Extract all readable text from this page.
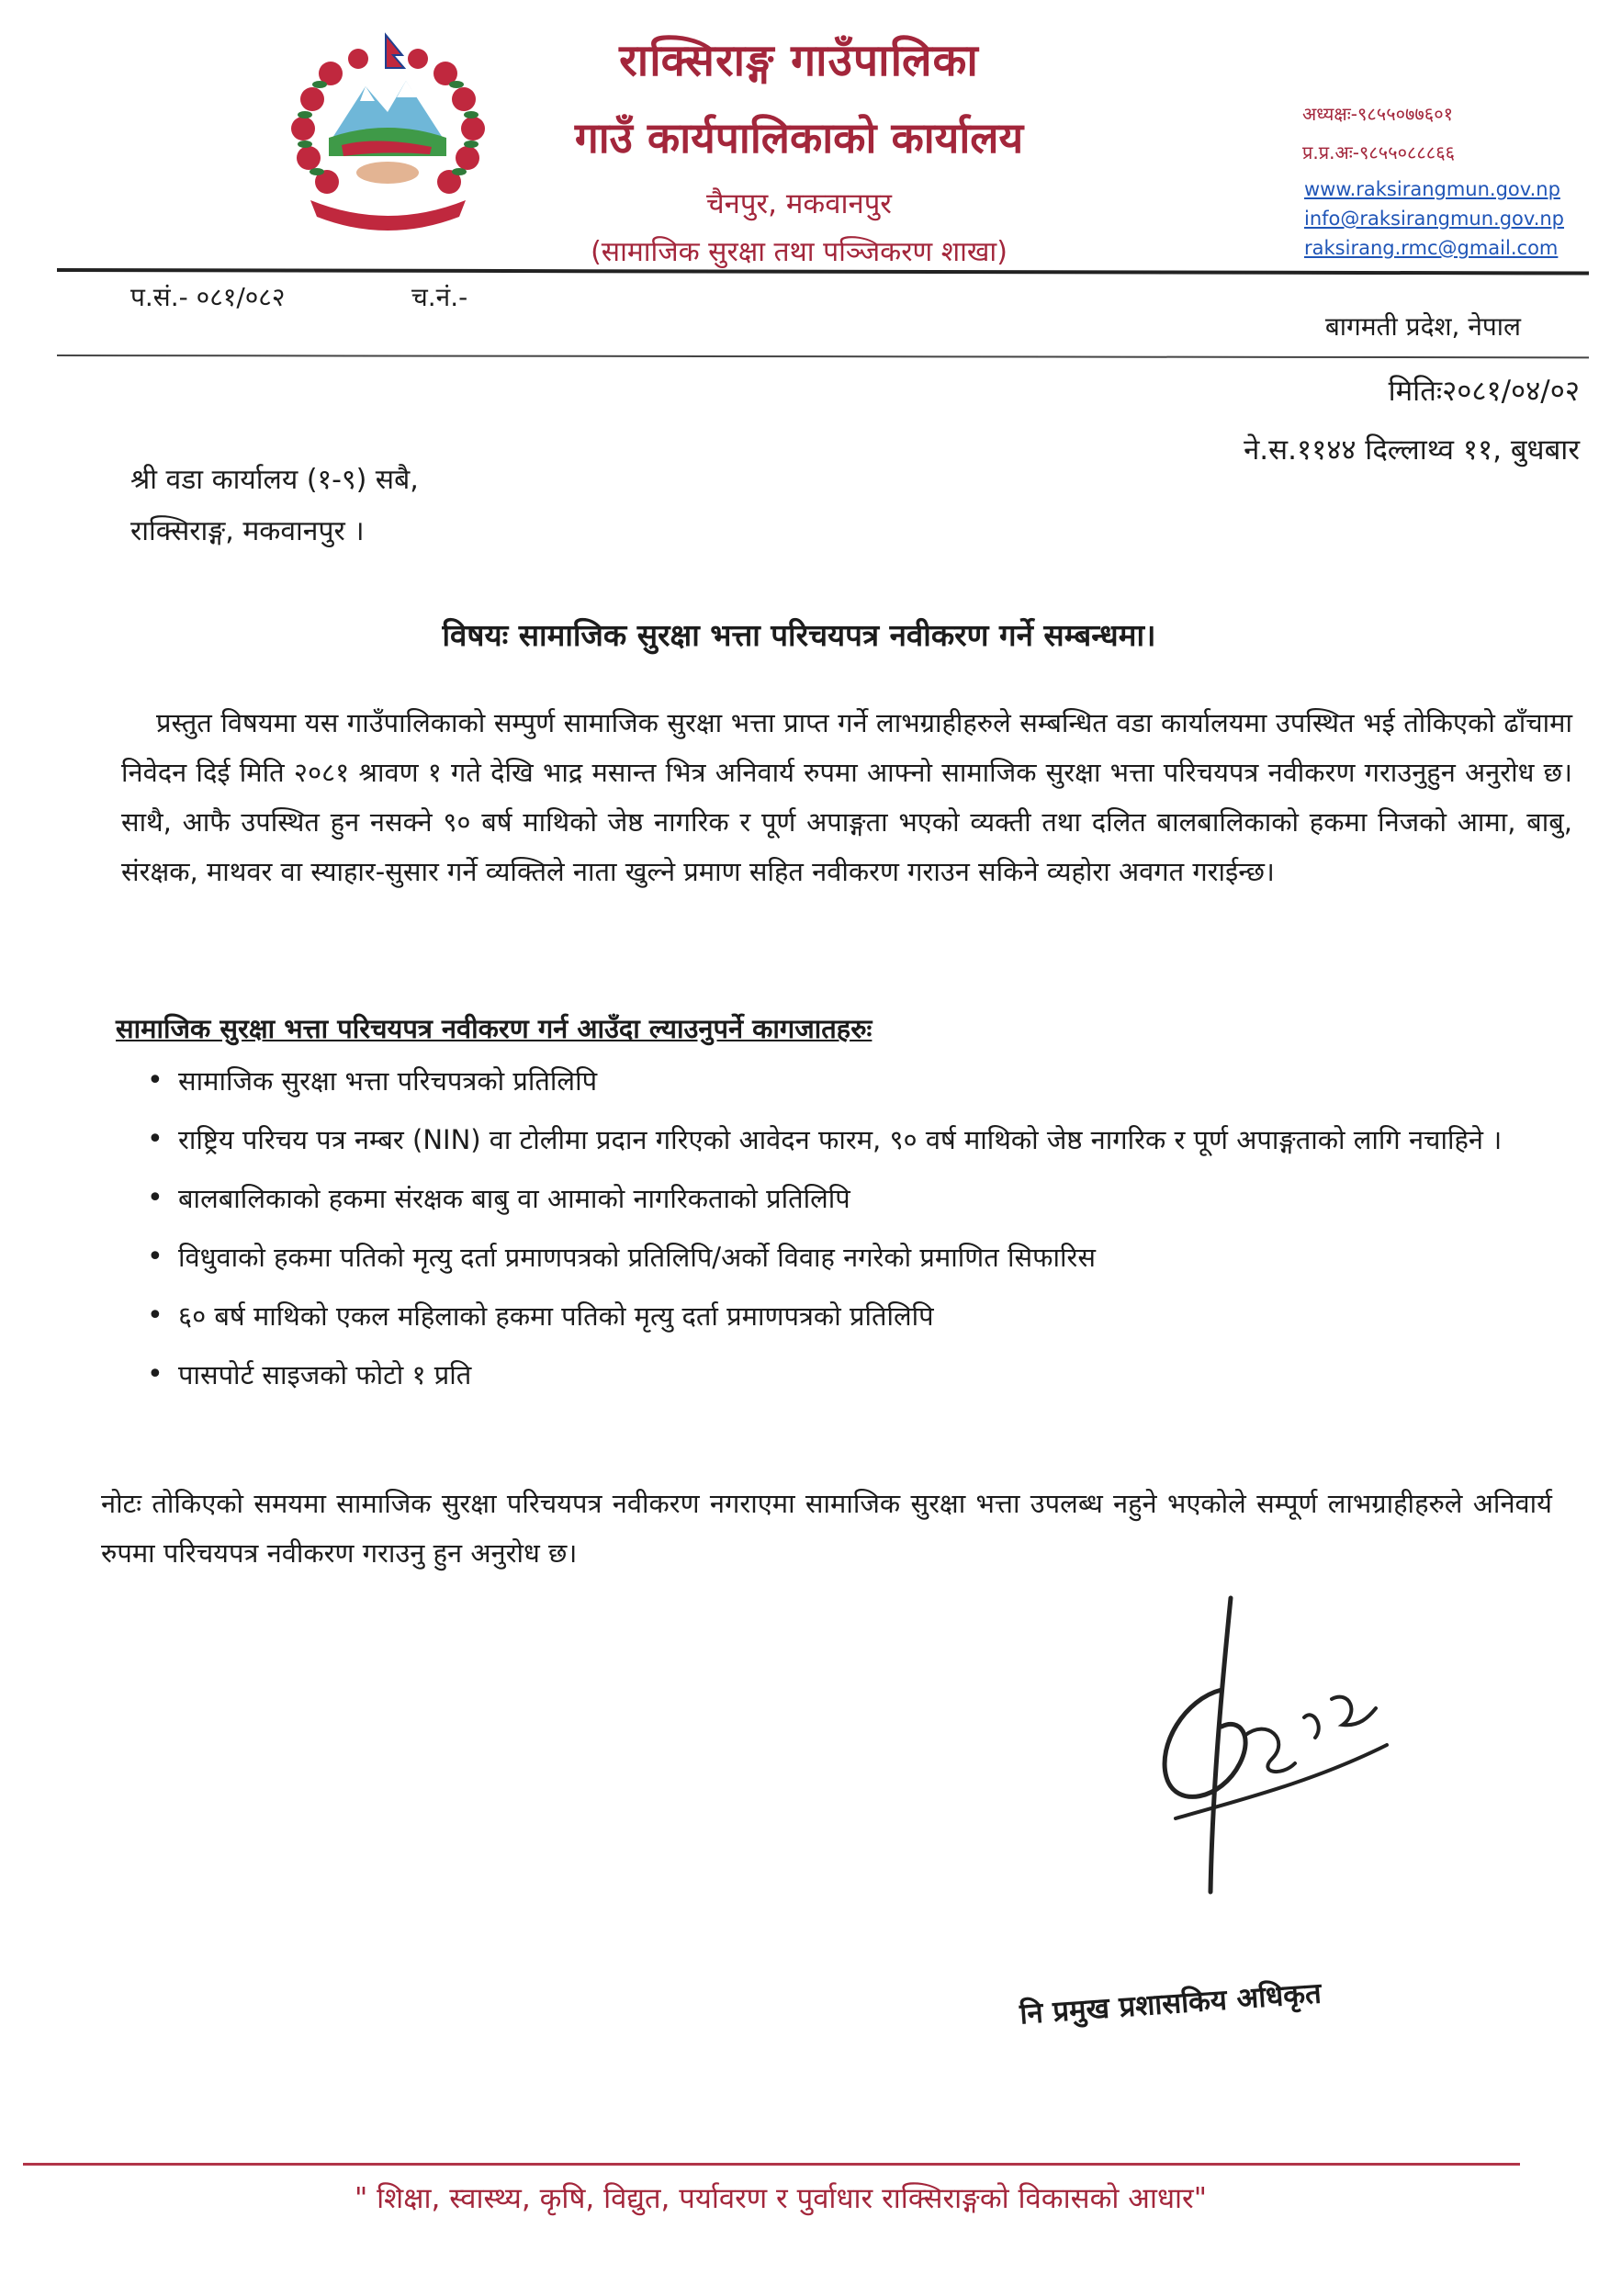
राक्सिराङ्ग गाउँपालिका
गाउँ कार्यपालिकाको कार्यालय
चैनपुर, मकवानपुर
(सामाजिक सुरक्षा तथा पञ्जिकरण शाखा)
अध्यक्षः-९८५५०७७६०१
प्र.प्र.अः-९८५५०८८८६६
www.raksirangmun.gov.np
info@raksirangmun.gov.np
raksirang.rmc@gmail.com
प.सं.- ०८१/०८२	च.नं.-
बागमती प्रदेश, नेपाल
मितिः२०८१/०४/०२
ने.स.११४४ दिल्लाथ्व ११, बुधबार
श्री वडा कार्यालय (१-९) सबै,
राक्सिराङ्ग, मकवानपुर ।
विषयः सामाजिक सुरक्षा भत्ता परिचयपत्र नवीकरण गर्ने सम्बन्धमा।
प्रस्तुत विषयमा यस गाउँपालिकाको सम्पुर्ण सामाजिक सुरक्षा भत्ता प्राप्त गर्ने लाभग्राहीहरुले सम्बन्धित वडा कार्यालयमा उपस्थित भई तोकिएको ढाँचामा निवेदन दिई मिति २०८१ श्रावण १ गते देखि भाद्र मसान्त भित्र अनिवार्य रुपमा आफ्नो सामाजिक सुरक्षा भत्ता परिचयपत्र नवीकरण गराउनुहुन अनुरोध छ।साथै, आफै उपस्थित हुन नसक्ने ९० बर्ष माथिको जेष्ठ नागरिक र पूर्ण अपाङ्गता भएको व्यक्ती तथा दलित बालबालिकाको हकमा निजको आमा, बाबु, संरक्षक, माथवर वा स्याहार-सुसार गर्ने व्यक्तिले नाता खुल्ने प्रमाण सहित नवीकरण गराउन सकिने व्यहोरा अवगत गराईन्छ।
सामाजिक सुरक्षा भत्ता परिचयपत्र नवीकरण गर्न आउँदा ल्याउनुपर्ने कागजातहरुः
• सामाजिक सुरक्षा भत्ता परिचपत्रको प्रतिलिपि
• राष्ट्रिय परिचय पत्र नम्बर (NIN) वा टोलीमा प्रदान गरिएको आवेदन फारम, ९० वर्ष माथिको जेष्ठ नागरिक र पूर्ण अपाङ्गताको लागि नचाहिने ।
• बालबालिकाको हकमा संरक्षक बाबु वा आमाको नागरिकताको प्रतिलिपि
• विधुवाको हकमा पतिको मृत्यु दर्ता प्रमाणपत्रको प्रतिलिपि/अर्को विवाह नगरेको प्रमाणित सिफारिस
• ६० बर्ष माथिको एकल महिलाको हकमा पतिको मृत्यु दर्ता प्रमाणपत्रको प्रतिलिपि
• पासपोर्ट साइजको फोटो १ प्रति
नोटः तोकिएको समयमा सामाजिक सुरक्षा परिचयपत्र नवीकरण नगराएमा सामाजिक सुरक्षा भत्ता उपलब्ध नहुने भएकोले सम्पूर्ण लाभग्राहीहरुले अनिवार्य रुपमा परिचयपत्र नवीकरण गराउनु हुन अनुरोध छ।
नि प्रमुख प्रशासकिय अधिकृत
" शिक्षा, स्वास्थ्य, कृषि, विद्युत, पर्यावरण र पुर्वाधार राक्सिराङ्गको विकासको आधार"
